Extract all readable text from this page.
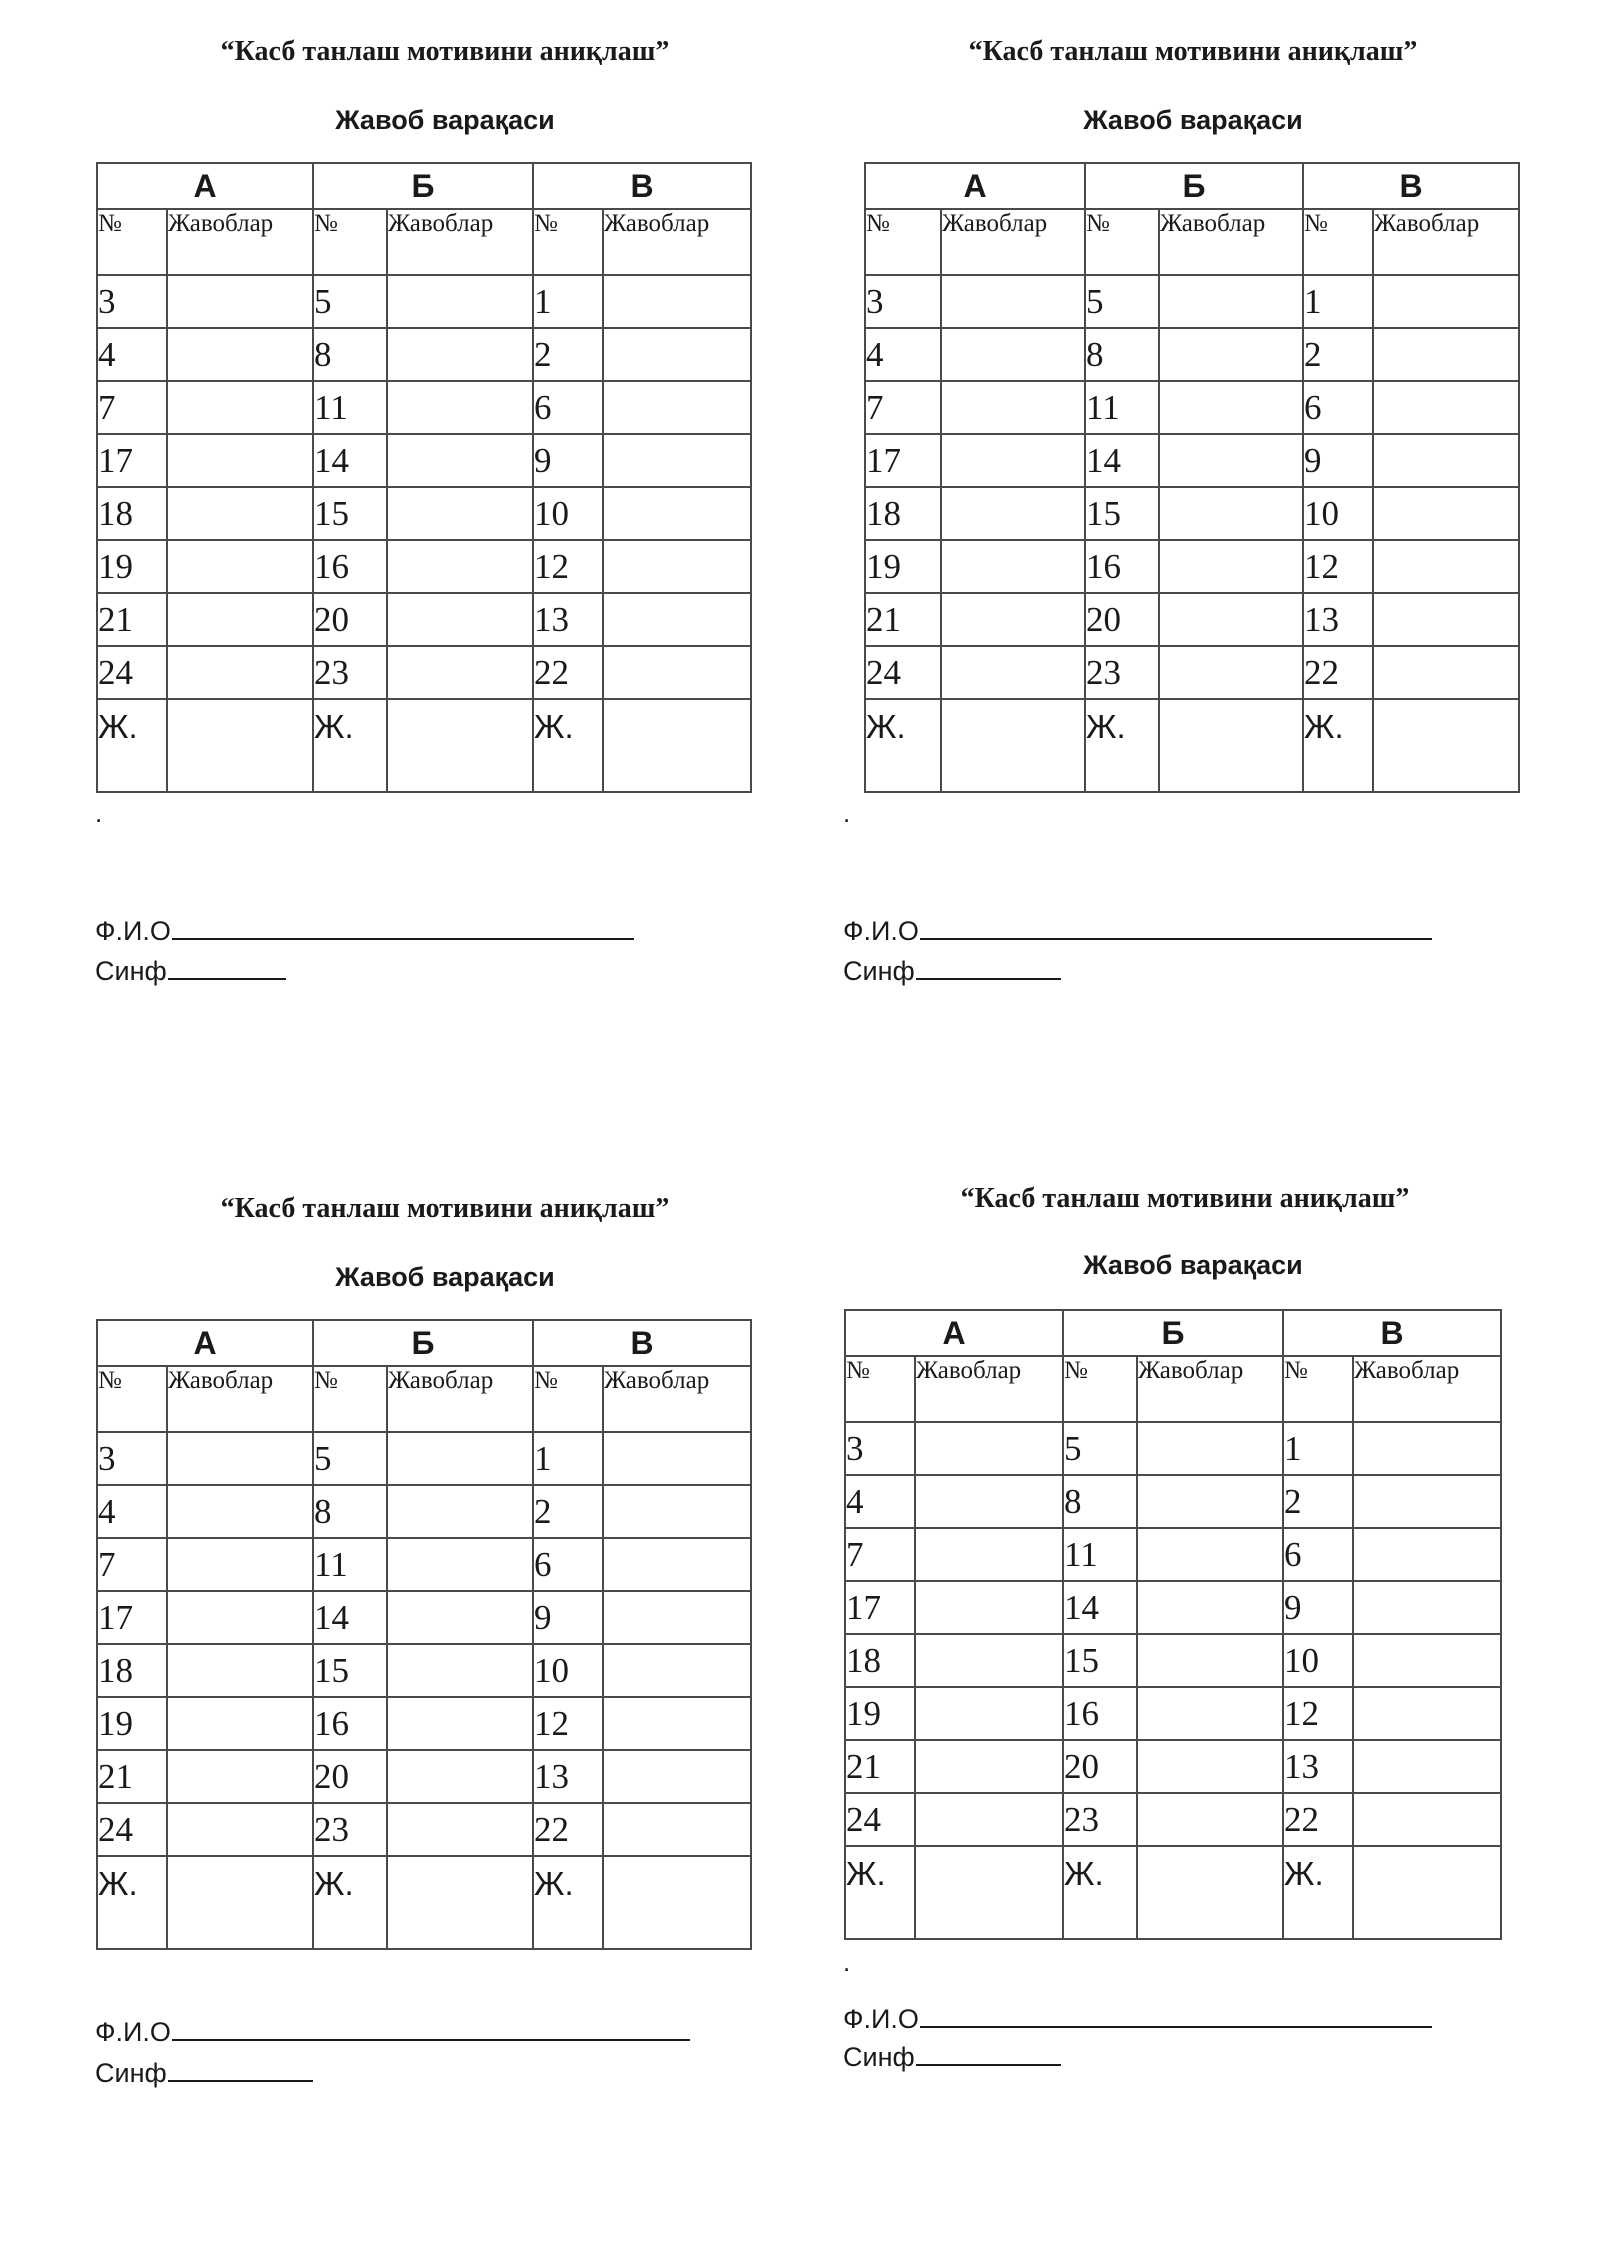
“Касб танлаш мотивини аниқлаш”
Жавоб варақаси
А		Б		В	
№	Жавоблар	№	Жавоблар	№	Жавоблар
3		5		1	
4		8		2	
7		11		6	
17		14		9	
18		15		10	
19		16		12	
21		20		13	
24		23		22	
Ж.		Ж.		Ж.	
.
Ф.И.О
Синф
“Касб танлаш мотивини аниқлаш”
Жавоб варақаси
А		Б		В	
№	Жавоблар	№	Жавоблар	№	Жавоблар
3		5		1	
4		8		2	
7		11		6	
17		14		9	
18		15		10	
19		16		12	
21		20		13	
24		23		22	
Ж.		Ж.		Ж.	
.
Ф.И.О
Синф
“Касб танлаш мотивини аниқлаш”
Жавоб варақаси
А		Б		В	
№	Жавоблар	№	Жавоблар	№	Жавоблар
3		5		1	
4		8		2	
7		11		6	
17		14		9	
18		15		10	
19		16		12	
21		20		13	
24		23		22	
Ж.		Ж.		Ж.	
Ф.И.О
Синф
“Касб танлаш мотивини аниқлаш”
Жавоб варақаси
А		Б		В	
№	Жавоблар	№	Жавоблар	№	Жавоблар
3		5		1	
4		8		2	
7		11		6	
17		14		9	
18		15		10	
19		16		12	
21		20		13	
24		23		22	
Ж.		Ж.		Ж.	
.
Ф.И.О
Синф
